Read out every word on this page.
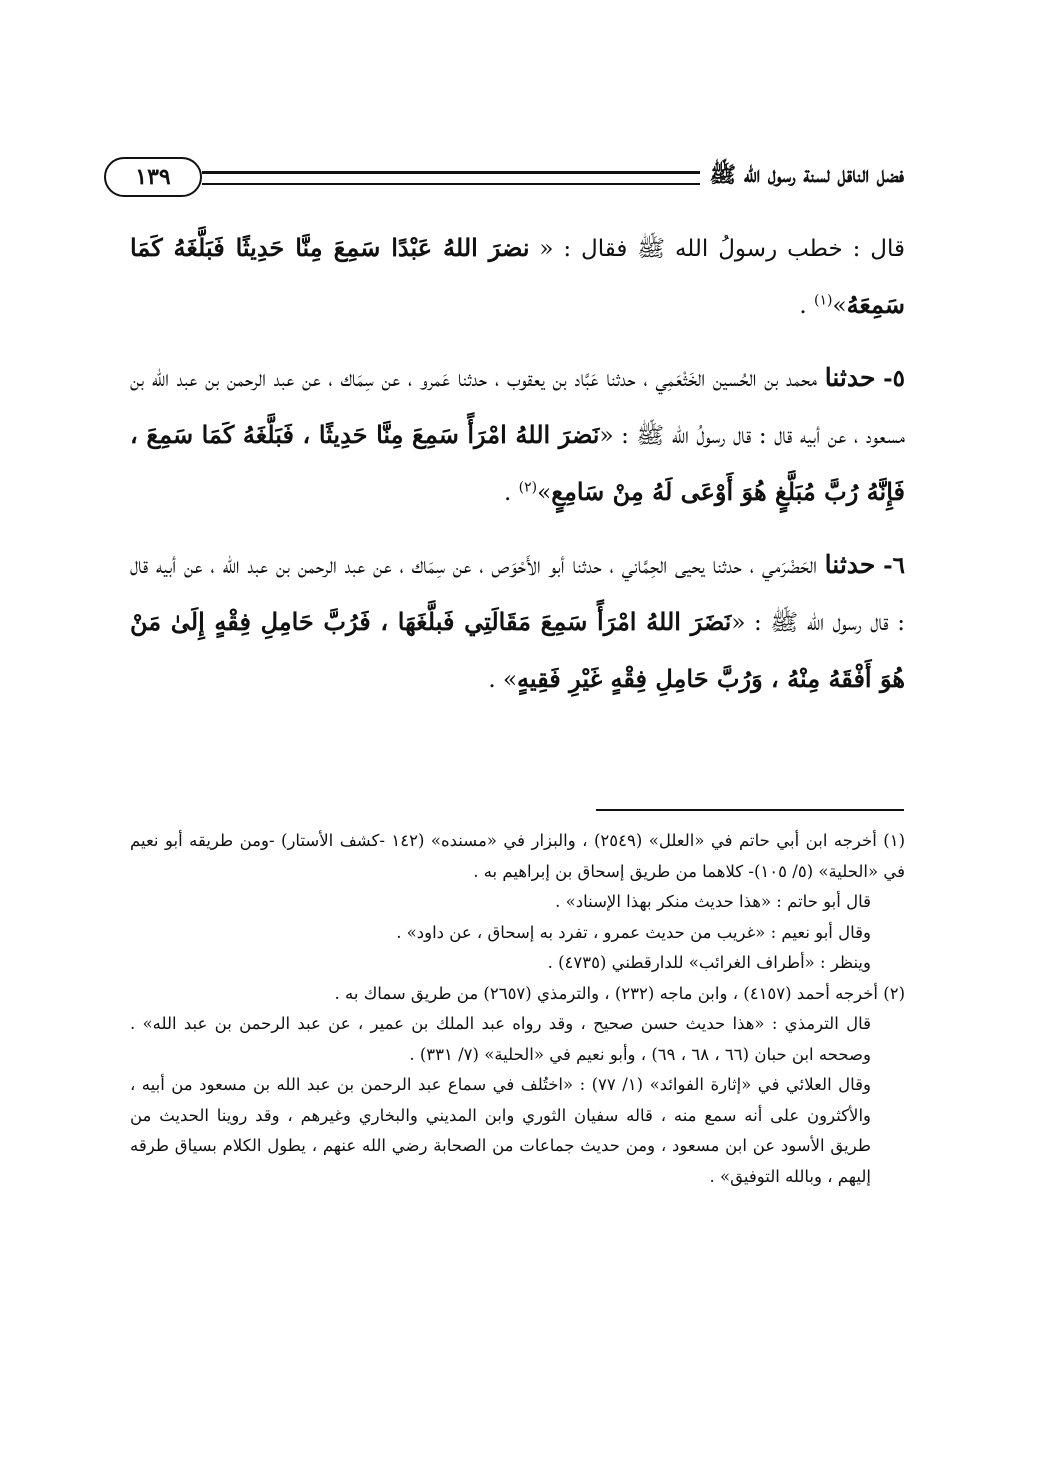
فضل الناقل لسنة رسول الله ﷺ
١٣٩

قال : خطب رسولُ الله ﷺ فقال : « نضرَ اللهُ عَبْدًا سَمِعَ مِنَّا حَدِيثًا فَبَلَّغَهُ كَمَا سَمِعَهُ»$^{(١)}$ .

٥- حدثنا محمد بن الحُسين الخَثْعَمِي ، حدثنا عَبَّاد بن يعقوب ، حدثنا عَمرو ، عن سِمَاك ، عن عبد الرحمن بن عبد الله بن مسعود ، عن أبيه قال : قال رسولُ الله ﷺ : «نَضرَ اللهُ امْرَأً سَمِعَ مِنَّا حَدِيثًا ، فَبَلَّغَهُ كَمَا سَمِعَ ، فَإِنَّهُ رُبَّ مُبَلَّغٍ هُوَ أَوْعَى لَهُ مِنْ سَامِعٍ»$^{(٢)}$ .

٦- حدثنا الحَضْرَمي ، حدثنا يحيى الحِمَّاني ، حدثنا أبو الأَحْوَص ، عن سِمَاك ، عن عبد الرحمن بن عبد الله ، عن أبيه قال : قال رسول الله ﷺ : «نَضَرَ اللهُ امْرَأً سَمِعَ مَقَالَتِي فَبلَّغَهَا ، فَرُبَّ حَامِلِ فِقْهٍ إِلَىٰ مَنْ هُوَ أَفْقَهُ مِنْهُ ، وَرُبَّ حَامِلِ فِقْهٍ غَيْرِ فَقِيهٍ» .

(١) أخرجه ابن أبي حاتم في «العلل» (٢٥٤٩) ، والبزار في «مسنده» (١٤٢ -كشف الأستار) -ومن طريقه أبو نعيم في «الحلية» (٥/ ١٠٥)- كلاهما من طريق إسحاق بن إبراهيم به .

قال أبو حاتم : «هذا حديث منكر بهذا الإسناد» .

وقال أبو نعيم : «غريب من حديث عمرو ، تفرد به إسحاق ، عن داود» .

وينظر : «أطراف الغرائب» للدارقطني (٤٧٣٥) .

(٢) أخرجه أحمد (٤١٥٧) ، وابن ماجه (٢٣٢) ، والترمذي (٢٦٥٧) من طريق سماك به .

قال الترمذي : «هذا حديث حسن صحيح ، وقد رواه عبد الملك بن عمير ، عن عبد الرحمن بن عبد الله» . وصححه ابن حبان (٦٦ ، ٦٨ ، ٦٩) ، وأبو نعيم في «الحلية» (٧/ ٣٣١) .

وقال العلائي في «إثارة الفوائد» (١/ ٧٧) : «اختُلف في سماع عبد الرحمن بن عبد الله بن مسعود من أبيه ، والأكثرون على أنه سمع منه ، قاله سفيان الثوري وابن المديني والبخاري وغيرهم ، وقد روينا الحديث من طريق الأسود عن ابن مسعود ، ومن حديث جماعات من الصحابة رضي الله عنهم ، يطول الكلام بسياق طرقه إليهم ، وبالله التوفيق» .
